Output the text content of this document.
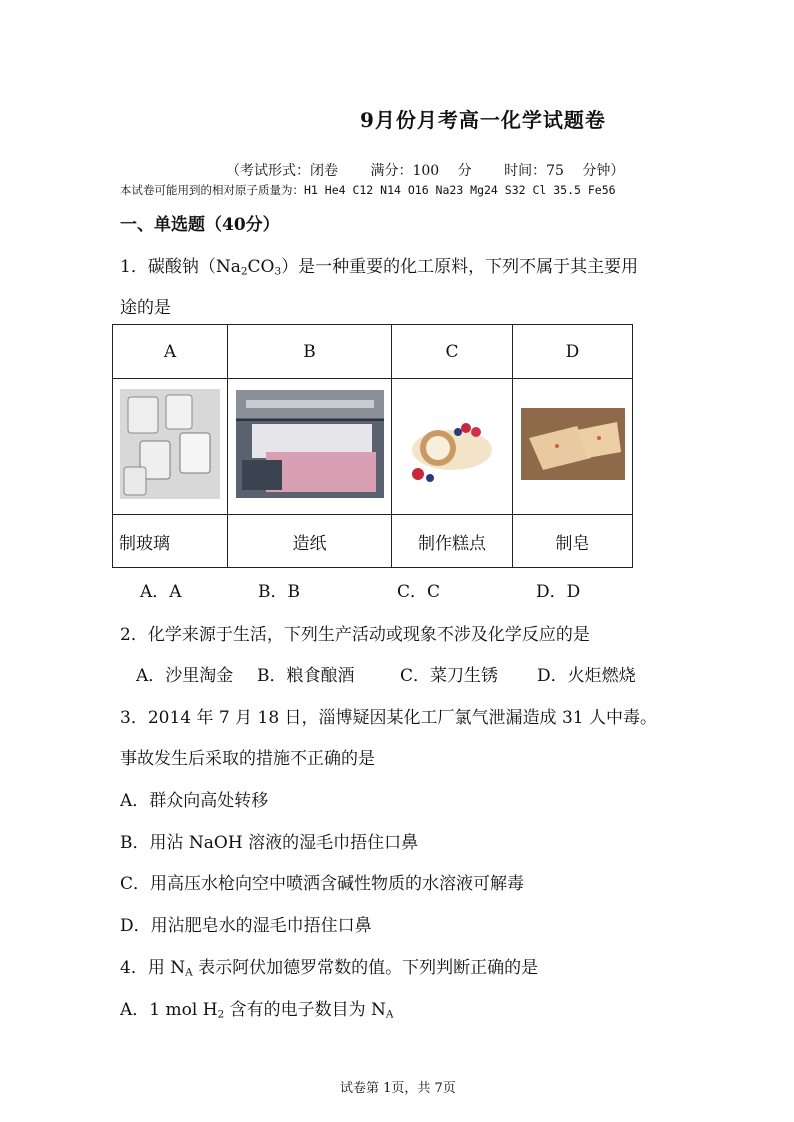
9月份月考高一化学试题卷
（考试形式：闭卷　 满分：100 分　 时间：75 分钟）
本试卷可能用到的相对原子质量为：H1 He4 C12 N14 O16 Na23 Mg24 S32 Cl 35.5 Fe56
一、单选题（40分）
1．碳酸钠$(Na_2CO_3)$是一种重要的化工原料，下列不属于其主要用
途的是
A	B	C	D

制玻璃	造纸	制作糕点	制皂
A．A	B．B	C．C	D．D
2．化学来源于生活，下列生产活动或现象不涉及化学反应的是
A．沙里淘金 B．粮食酿酒	C．菜刀生锈 D．火炬燃烧
3．2014 年 7 月 18 日，淄博疑因某化工厂氯气泄漏造成 31 人中毒。
事故发生后采取的措施不正确的是
A．群众向高处转移
B．用沾 NaOH 溶液的湿毛巾捂住口鼻
C．用高压水枪向空中喷洒含碱性物质的水溶液可解毒
D．用沾肥皂水的湿毛巾捂住口鼻
4．用 $N_A$ 表示阿伏加德罗常数的值。下列判断正确的是
A．1 mol $H_2$ 含有的电子数目为 $N_A$
试卷第 1页，共 7页
